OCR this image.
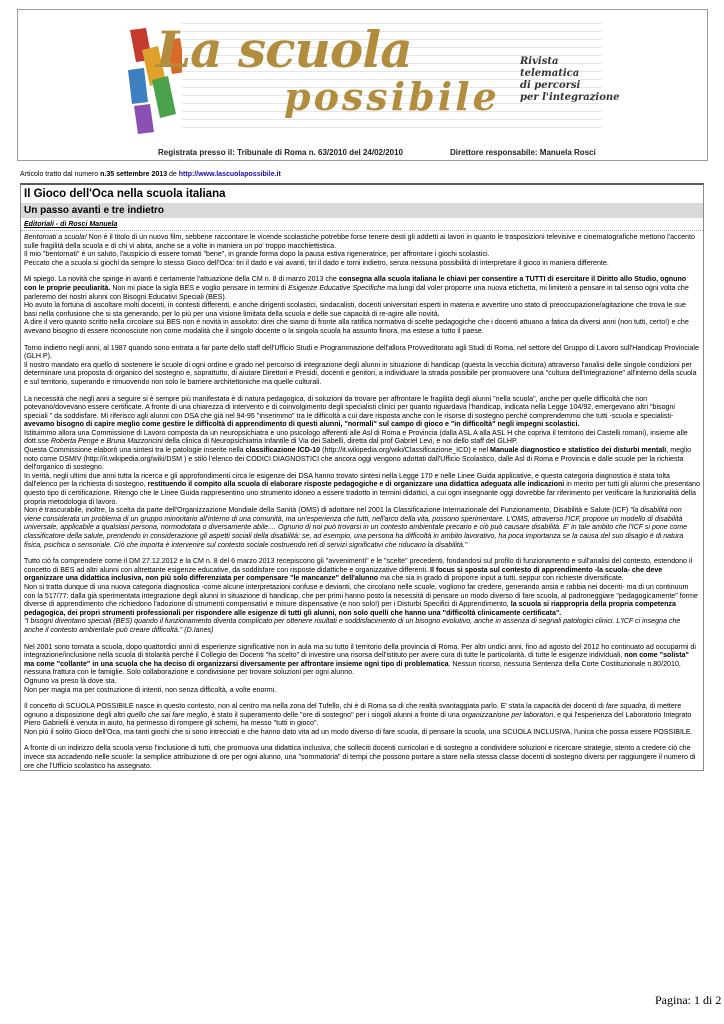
La scuola
possibile
Rivista
telematica
di percorsi
per l'integrazione
Registrata presso il: Tribunale di Roma n. 63/2010 del 24/02/2010	Direttore responsabile: Manuela Rosci
Articolo tratto dal numero n.35 settembre 2013 de http://www.lascuolapossibile.it
Il Gioco dell'Oca nella scuola italiana
Un passo avanti e tre indietro
Editoriali - di Rosci Manuela

Bentornati a scuola! Non è il titolo di un nuovo film, sebbene raccontare le vicende scolastiche potrebbe forse tenere desti gli addetti ai lavori in quanto le trasposizioni televisive e cinematografiche mettono l'accento sulle fragilità della scuola e di chi vi abita, anche se a volte in maniera un po' troppo macchiettistica.
Il mio "bentornati" è un saluto, l'auspicio di essere tornati "bene", in grande forma dopo la pausa estiva rigeneratrice, per affrontare i giochi scolastici.
Peccato che a scuola si giochi da sempre lo stesso Gioco dell'Oca: tiri il dado e vai avanti, tiri il dado e torni indietro, senza nessuna possibilità di interpretare il gioco in maniera differente.

Mi spiego. La novità che spinge in avanti è certamente l'attuazione della CM n. 8 di marzo 2013 che consegna alla scuola italiana le chiavi per consentire a TUTTI di esercitare il Diritto allo Studio, ognuno con le proprie peculiarità. Non mi piace la sigla BES e voglio pensare in termini di Esigenze Educative Specifiche ma lungi dal voler proporre una nuova etichetta, mi limiterò a pensare in tal senso ogni volta che parleremo dei nostri alunni con Bisogni Educativi Speciali (BES).
Ho avuto la fortuna di ascoltare molti docenti, in contesti differenti, e anche dirigenti scolastici, sindacalisti, docenti universitari esperti in materia e avvertire uno stato di preoccupazione/agitazione che trova le sue basi nella confusione che si sta generando, per lo più per una visione limitata della scuola e delle sue capacità di re-agire alle novità.
A dire il vero quanto scritto nella circolare sui BES non è novità in assoluto: direi che siamo di fronte alla ratifica normativa di scelte pedagogiche che i docenti attuano a fatica da diversi anni (non tutti, certo!) e che avevano bisogno di essere riconosciute non come modalità che il singolo docente o la singola scuola ha assunto finora, ma estese a tutto il paese.

Torno indietro negli anni, al 1987 quando sono entrata a far parte dello staff dell'Ufficio Studi e Programmazione dell'allora Provveditorato agli Studi di Roma, nel settore del Gruppo di Lavoro sull'Handicap Provinciale (GLH P).
Il nostro mandato era quello di sostenere le scuole di ogni ordine e grado nel percorso di integrazione degli alunni in situazione di handicap (questa la vecchia dicitura) attraverso l'analisi delle singole condizioni per determinare una proposta di organico del sostegno e, soprattutto, di aiutare Direttori e Presidi, docenti e genitori, a individuare la strada possibile per promuovere una "cultura dell'integrazione" all'interno della scuola e sul territorio, superando e rimuovendo non solo le barriere architettoniche ma quelle culturali.

La necessità che negli anni a seguire si è sempre più manifestata è di natura pedagogica, di soluzioni da trovare per affrontare le fragilità degli alunni "nella scuola", anche per quelle difficoltà che non potevano/dovevano essere certificate. A fronte di una chiarezza di intervento e di coinvolgimento degli specialisti clinici per quanto riguardava l'handicap, indicata nella Legge 104/92, emergevano altri "bisogni speciali " da soddisfare. Mi riferisco agli alunni con DSA che già nel 94-95 "inserimmo" tra le difficoltà a cui dare risposta anche con le risorse di sostegno perché comprendemmo che tutti -scuola e specialisti- avevamo bisogno di capire meglio come gestire le difficoltà di apprendimento di questi alunni, "normali" sul campo di gioco e "in difficoltà" negli impegni scolastici.
Istituimmo allora una Commissione di Lavoro composta da un neuropsichiatra e uno psicologo afferenti alle Asl di Roma e Provincia (dalla ASL A alla ASL H che copriva il territorio dei Castelli romani), insieme alle dott.sse Roberta Penge e Bruna Mazzoncini della clinica di Neuropsichiatria Infantile di Via dei Sabelli, diretta dal prof Gabriel Levi, e noi dello staff del GLHP.
Questa Commissione elaborò una sintesi tra le patologie inserite nella classificazione ICD-10 (http://it.wikipedia.org/wiki/Classificazione_ICD) e nel Manuale diagnostico e statistico dei disturbi mentali, meglio noto come DSMIV (http://it.wikipedia.org/wiki/DSM ) e stilò l'elenco dei CODICI DIAGNOSTICI che ancora oggi vengono adottati dall'Ufficio Scolastico, dalle Asl di Roma e Provincia e dalle scuole per la richiesta dell'organico di sostegno.
In verità, negli ultimi due anni tutta la ricerca e gli approfondimenti circa le esigenze dei DSA hanno trovato sintesi nella Legge 170 e nelle Linee Guida applicative, e questa categoria diagnostica è stata tolta dall'elenco per la richiesta di sostegno, restituendo il compito alla scuola di elaborare risposte pedagogiche e di organizzare una didattica adeguata alle indicazioni in merito per tutti gli alunni che presentano questo tipo di certificazione. Ritengo che le Linee Guida rappresentino uno strumento idoneo a essere tradotto in termini didattici, a cui ogni insegnante oggi dovrebbe far riferimento per verificare la funzionalità della propria metodologia di lavoro.
Non è trascurabile, inoltre, la scelta da parte dell'Organizzazione Mondiale della Sanità (OMS) di adottare nel 2001 la Classificazione Internazionale del Funzionamento, Disabilità e Salute (ICF) "la disabilità non viene considerata un problema di un gruppo minoritario all'interno di una comunità, ma un'esperienza che tutti, nell'arco della vita, possono sperimentare. L'OMS, attraverso l'ICF, propone un modello di disabilità universale, applicabile a qualsiasi persona, normodotata o diversamente abile.... Ognuno di noi può trovarsi in un contesto ambientale precario e ciò può causare disabilità. E' in tale ambito che l'ICF si pone come classificatore della salute, prendendo in considerazione gli aspetti sociali della disabilità: se, ad esempio, una persona ha difficoltà in ambito lavorativo, ha poca importanza se la causa del suo disagio è di natura fisica, psichica o sensoriale. Ciò che importa è intervenire sul contesto sociale costruendo reti di servizi significativi che riducano la disabilità."

Tutto ciò fa comprendere come il DM 27.12.2012 e la CM n. 8 del 6 marzo 2013 recepiscono gli "avvenimenti" e le "scelte" precedenti, fondandosi sul profilo di funzionamento e sull'analisi del contesto, estendono il concetto di BES ad altri alunni con altrettante esigenze educative, da soddisfare con risposte didattiche e organizzative differenti. Il focus si sposta sul contesto di apprendimento -la scuola- che deve organizzare una didattica inclusiva, non più solo differenziata per compensare "le mancanze" dell'alunno ma che sia in grado di proporre input a tutti, seppur con richieste diversificate.
Non si tratta dunque di una nuova categoria diagnostica -come alcune interpretazioni confuse e devianti, che circolano nelle scuole, vogliono far credere, generando ansia e rabbia nei docenti- ma di un continuum con la 517/77: dalla già sperimentata integrazione degli alunni in situazione di handicap, che per primi hanno posto la necessità di pensare un modo diverso di fare scuola, al padroneggiare "pedagogicamente" forme diverse di apprendimento che richiedono l'adozione di strumenti compensativi e misure dispensative (e non solo!) per i Disturbi Specifici di Apprendimento, la scuola si riappropria della propria competenza pedagogica, dei propri strumenti professionali per rispondere alle esigenze di tutti gli alunni, non solo quelli che hanno una "difficoltà clinicamente certificata".
"I bisogni diventano speciali (BES) quando il funzionamento diventa complicato per ottenere risultati e soddisfacimento di un bisogno evolutivo, anche in assenza di segnali patologici clinici. L'ICF ci insegna che anche il contesto ambientale può creare difficoltà." (D.Ianes)

Nel 2001 sono tornata a scuola, dopo quattordici anni di esperienze significative non in aula ma su tutto il territorio della provincia di Roma. Per altri undici anni, fino ad agosto del 2012 ho continuato ad occuparmi di integrazione/inclusione nella scuola di titolarità perché il Collegio dei Docenti "ha scelto" di investire una risorsa dell'istituto per avere cura di tutte le particolarità, di tutte le esigenze individuali, non come "solista" ma come "collante" in una scuola che ha deciso di organizzarsi diversamente per affrontare insieme ogni tipo di problematica. Nessun ricorso, nessuna Sentenza della Corte Costituzionale n.80/2010, nessuna frattura con le famiglie. Solo collaborazione e condivisione per trovare soluzioni per ogni alunno.
Ognuno va preso là dove sta.
Non per magia ma per costruzione di intenti, non senza difficoltà, a volte enormi.

Il concetto di SCUOLA POSSIBILE nasce in questo contesto, non al centro ma nella zona del Tufello, chi è di Roma sa di che realtà svantaggiata parlo. E' stata la capacità dei docenti di fare squadra, di mettere ognuno a disposizione degli altri quello che sai fare meglio, è stato il superamento delle "ore di sostegno" per i singoli alunni a fronte di una organizzazione per laboratori, e qui l'esperienza del Laboratorio Integrato Piero Gabrielli è venuta in aiuto, ha permesso di rompere gli schemi, ha messo "tutti in gioco".
Non più il solito Gioco dell'Oca, ma tanti giochi che si sono intrecciati e che hanno dato vita ad un modo diverso di fare scuola, di pensare la scuola, una SCUOLA INCLUSIVA, l'unica che possa essere POSSIBILE.

A fronte di un indirizzo della scuola verso l'inclusione di tutti, che promuova una didattica inclusiva, che solleciti docenti curricolari e di sostegno a condividere soluzioni e ricercare strategie, stento a credere ciò che invece sta accadendo nelle scuole: la semplice attribuzione di ore per ogni alunno, una "sommatoria" di tempi che possono portare a stare nella stessa classe docenti di sostegno diversi per raggiungere il numero di ore che l'Ufficio scolastico ha assegnato.

Pagina: 1 di 2
